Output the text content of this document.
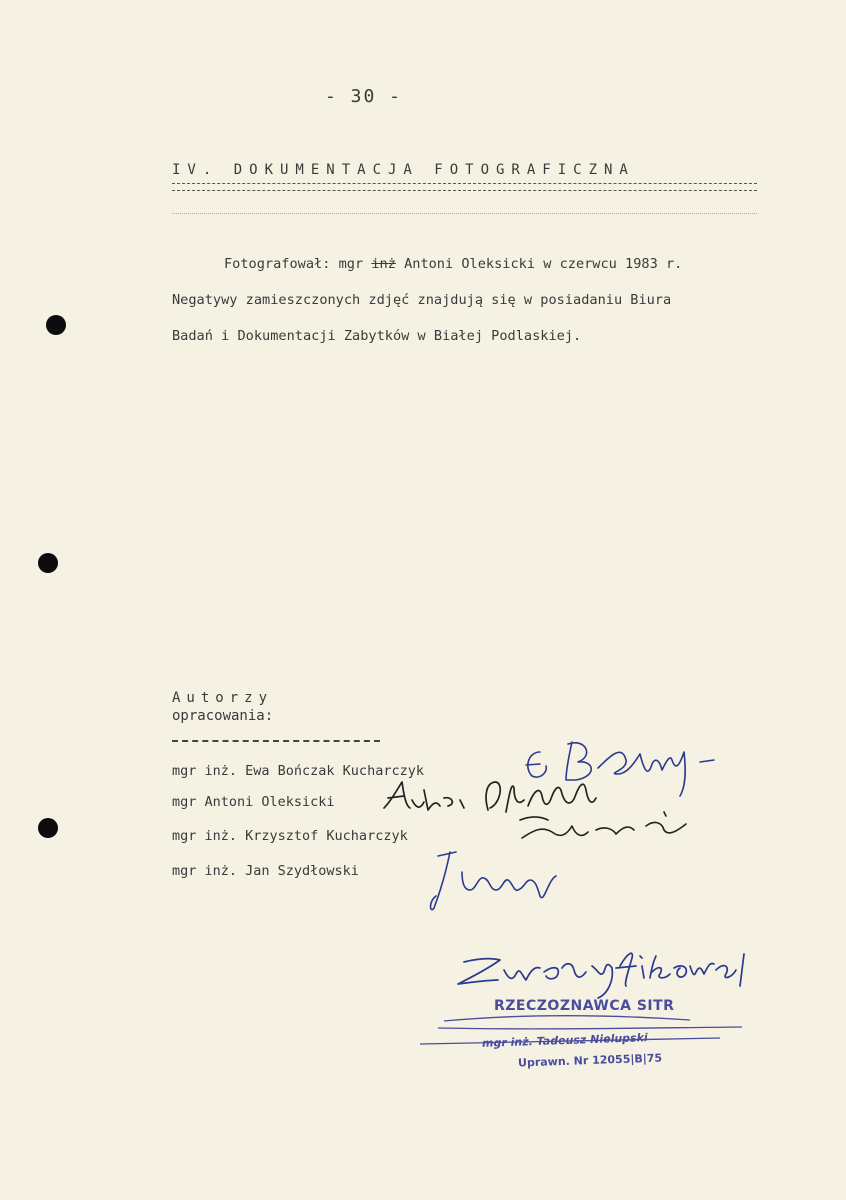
- 30 -
IV. DOKUMENTACJA FOTOGRAFICZNA
Fotografował: mgr inż Antoni Oleksicki w czerwcu 1983 r.
Negatywy zamieszczonych zdjęć znajdują się w posiadaniu Biura
Badań i Dokumentacji Zabytków w Białej Podlaskiej.
Autorzy
opracowania:
mgr inż. Ewa Bończak Kucharczyk
mgr Antoni Oleksicki
mgr inż. Krzysztof Kucharczyk
mgr inż. Jan Szydłowski
RZECZOZNAWCA SITR
mgr inż. Tadeusz Nielupski
Uprawn. Nr 12055|B|75
